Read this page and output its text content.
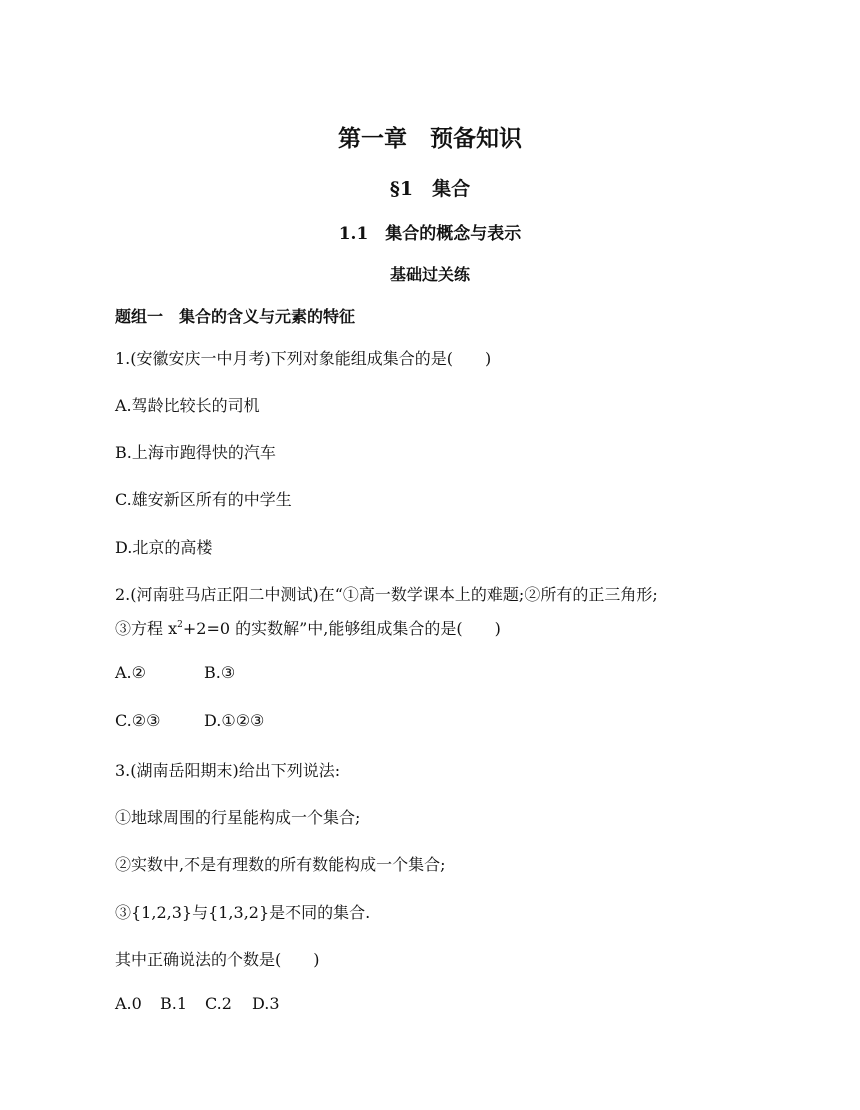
第一章　预备知识
§1　集合
1.1　集合的概念与表示
基础过关练
题组一　集合的含义与元素的特征
1.(安徽安庆一中月考)下列对象能组成集合的是(　　)
A.驾龄比较长的司机
B.上海市跑得快的汽车
C.雄安新区所有的中学生
D.北京的高楼
2.(河南驻马店正阳二中测试)在“①高一数学课本上的难题;②所有的正三角形;
③方程 $x^2+2=0$ 的实数解”中,能够组成集合的是(　　)
A.②	B.③
C.②③	D.①②③
3.(湖南岳阳期末)给出下列说法:
①地球周围的行星能构成一个集合;
②实数中,不是有理数的所有数能构成一个集合;
③{1,2,3}与{1,3,2}是不同的集合.
其中正确说法的个数是(　　)
A.0 B.1 C.2 D.3
